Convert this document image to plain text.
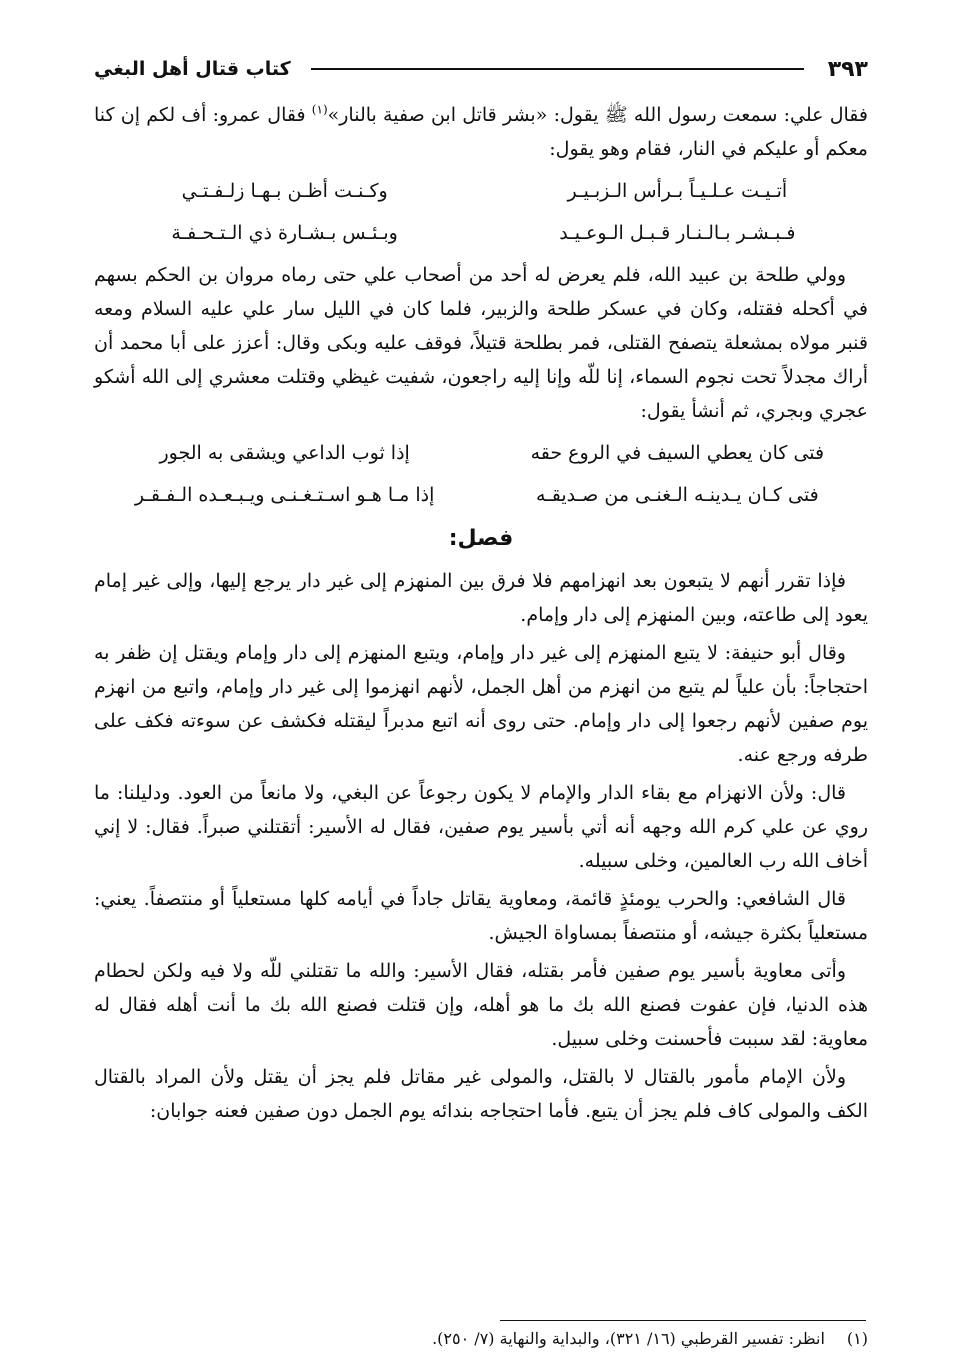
٣٩٣
كتاب قتال أهل البغي

فقال علي: سمعت رسول الله ﷺ يقول: «بشر قاتل ابن صفية بالنار»$^{(١)}$ فقال عمرو: أف لكم إن كنا معكم أو عليكم في النار، فقام وهو يقول:

أتـيـت عـلـيـاً بـرأس الـزبـيـر
وكـنـت أظـن بـهـا زلـفـتـي
فـبـشـر بـالـنـار قـبـل الـوعـيـد
وبـئـس بـشـارة ذي الـتـحـفـة

وولي طلحة بن عبيد الله، فلم يعرض له أحد من أصحاب علي حتى رماه مروان بن الحكم بسهم في أكحله فقتله، وكان في عسكر طلحة والزبير، فلما كان في الليل سار علي عليه السلام ومعه قنبر مولاه بمشعلة يتصفح القتلى، فمر بطلحة قتيلاً، فوقف عليه وبكى وقال: أعزز على أبا محمد أن أراك مجدلاً تحت نجوم السماء، إنا للّه وإنا إليه راجعون، شفيت غيظي وقتلت معشري إلى الله أشكو عجري وبجري، ثم أنشأ يقول:

فتى كان يعطي السيف في الروع حقه
إذا ثوب الداعي ويشقى به الجور
فتى كـان يـدينـه الـغنـى من صـديقـه
إذا مـا هـو اسـتـغـنـى ويـبـعـده الـفـقـر
فصل:

فإذا تقرر أنهم لا يتبعون بعد انهزامهم فلا فرق بين المنهزم إلى غير دار يرجع إليها، وإلى غير إمام يعود إلى طاعته، وبين المنهزم إلى دار وإمام.

وقال أبو حنيفة: لا يتبع المنهزم إلى غير دار وإمام، ويتبع المنهزم إلى دار وإمام ويقتل إن ظفر به احتجاجاً: بأن علياً لم يتبع من انهزم من أهل الجمل، لأنهم انهزموا إلى غير دار وإمام، واتبع من انهزم يوم صفين لأنهم رجعوا إلى دار وإمام. حتى روى أنه اتبع مدبراً ليقتله فكشف عن سوءته فكف على طرفه ورجع عنه.

قال: ولأن الانهزام مع بقاء الدار والإمام لا يكون رجوعاً عن البغي، ولا مانعاً من العود. ودليلنا: ما روي عن علي كرم الله وجهه أنه أتي بأسير يوم صفين، فقال له الأسير: أتقتلني صبراً. فقال: لا إني أخاف الله رب العالمين، وخلى سبيله.

قال الشافعي: والحرب يومئذٍ قائمة، ومعاوية يقاتل جاداً في أيامه كلها مستعلياً أو منتصفاً. يعني: مستعلياً بكثرة جيشه، أو منتصفاً بمساواة الجيش.

وأتى معاوية بأسير يوم صفين فأمر بقتله، فقال الأسير: والله ما تقتلني للّه ولا فيه ولكن لحطام هذه الدنيا، فإن عفوت فصنع الله بك ما هو أهله، وإن قتلت فصنع الله بك ما أنت أهله فقال له معاوية: لقد سببت فأحسنت وخلى سبيل.

ولأن الإمام مأمور بالقتال لا بالقتل، والمولى غير مقاتل فلم يجز أن يقتل ولأن المراد بالقتال الكف والمولى كاف فلم يجز أن يتبع. فأما احتجاجه بندائه يوم الجمل دون صفين فعنه جوابان:

(١)انظر: تفسير القرطبي (١٦/ ٣٢١)، والبداية والنهاية (٧/ ٢٥٠).
